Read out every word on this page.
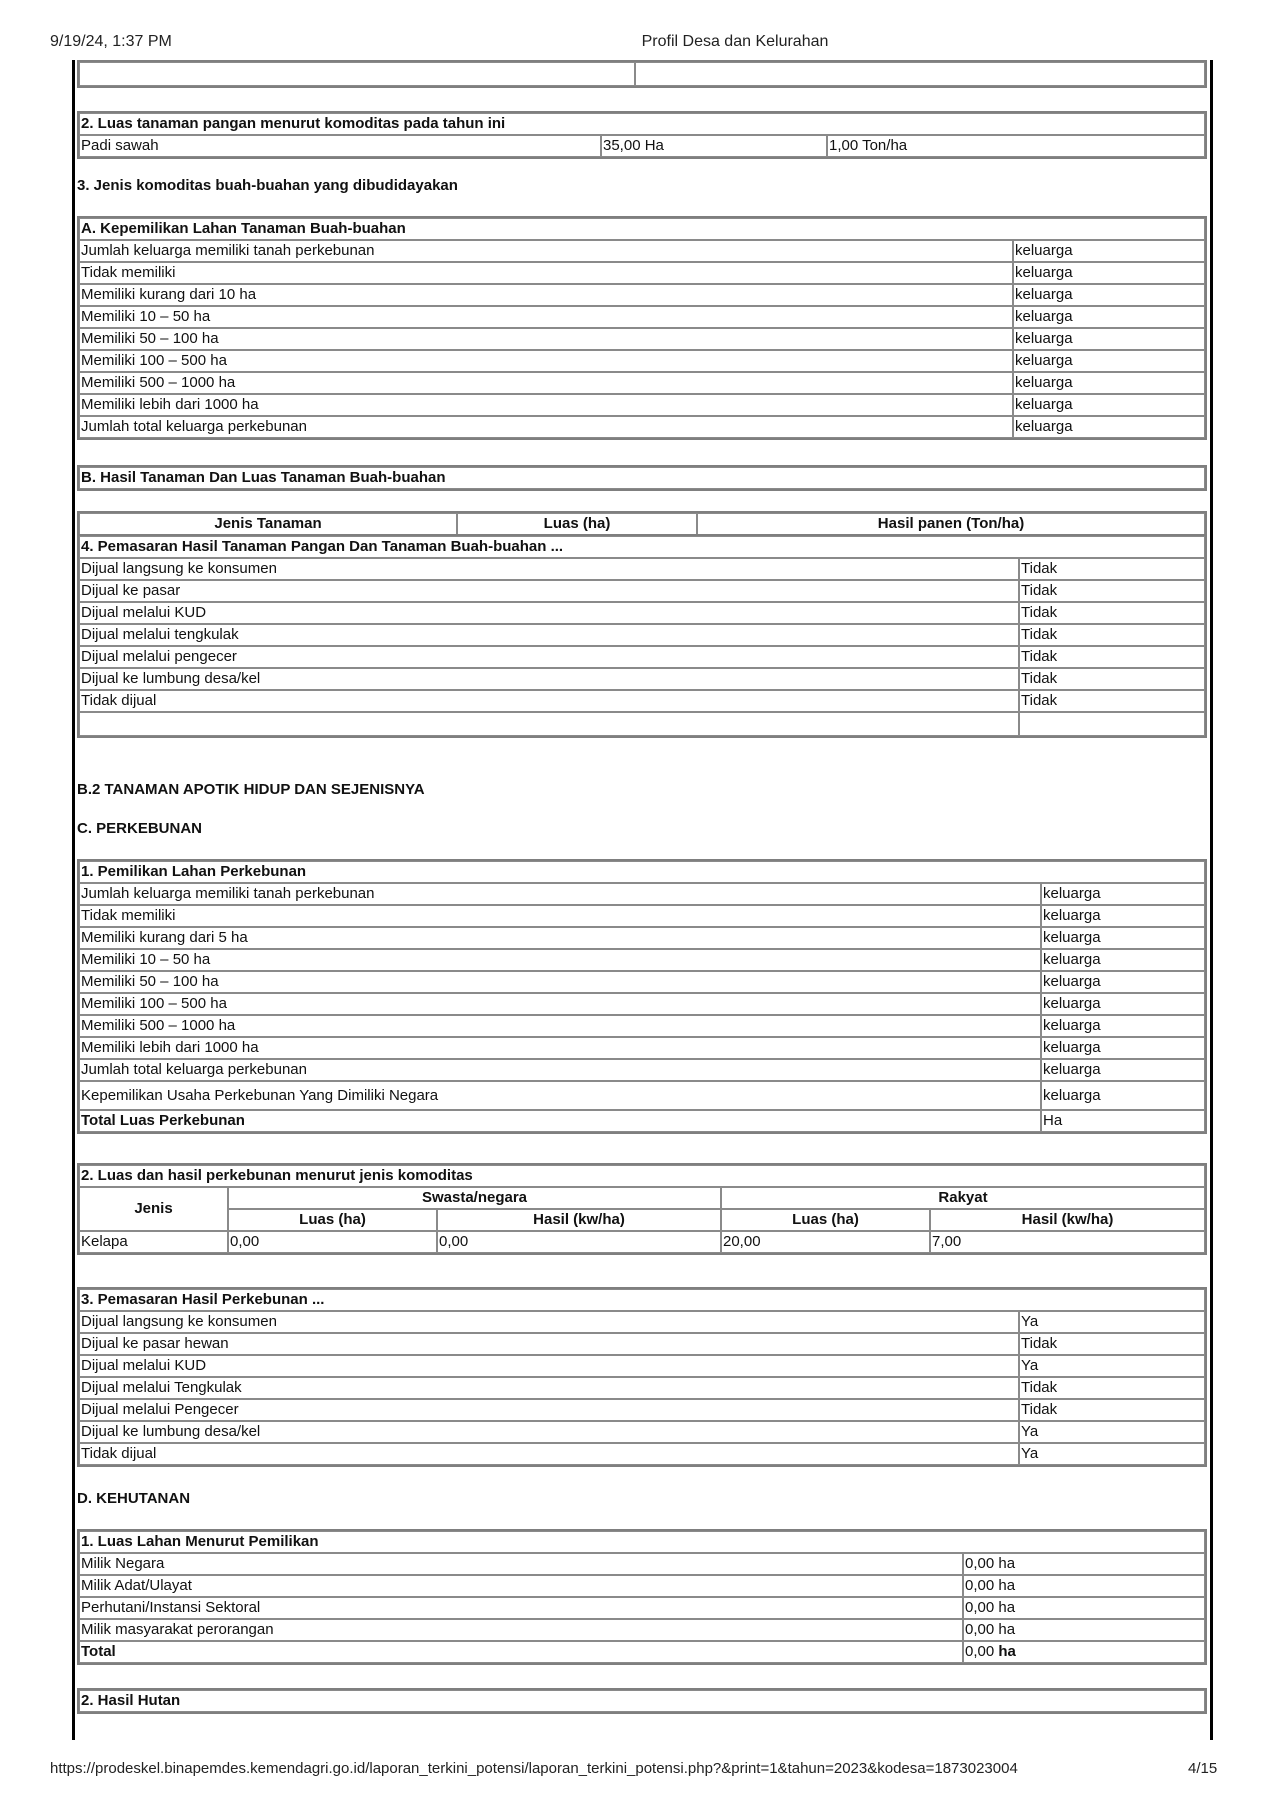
9/19/24, 1:37 PM	Profil Desa dan Kelurahan

2. Luas tanaman pangan menurut komoditas pada tahun ini
Padi sawah	35,00 Ha	1,00 Ton/ha
3. Jenis komoditas buah-buahan yang dibudidayakan
A. Kepemilikan Lahan Tanaman Buah-buahan	
Jumlah keluarga memiliki tanah perkebunan	keluarga
Tidak memiliki	keluarga
Memiliki kurang dari 10 ha	keluarga
Memiliki 10 – 50 ha	keluarga
Memiliki 50 – 100 ha	keluarga
Memiliki 100 – 500 ha	keluarga
Memiliki 500 – 1000 ha	keluarga
Memiliki lebih dari 1000 ha	keluarga
Jumlah total keluarga perkebunan	keluarga
B. Hasil Tanaman Dan Luas Tanaman Buah-buahan
Jenis Tanaman	Luas (ha)	Hasil panen (Ton/ha)
4. Pemasaran Hasil Tanaman Pangan Dan Tanaman Buah-buahan ...	
Dijual langsung ke konsumen	Tidak
Dijual ke pasar	Tidak
Dijual melalui KUD	Tidak
Dijual melalui tengkulak	Tidak
Dijual melalui pengecer	Tidak
Dijual ke lumbung desa/kel	Tidak
Tidak dijual	Tidak

B.2 TANAMAN APOTIK HIDUP DAN SEJENISNYA
C. PERKEBUNAN
1. Pemilikan Lahan Perkebunan	
Jumlah keluarga memiliki tanah perkebunan	keluarga
Tidak memiliki	keluarga
Memiliki kurang dari 5 ha	keluarga
Memiliki 10 – 50 ha	keluarga
Memiliki 50 – 100 ha	keluarga
Memiliki 100 – 500 ha	keluarga
Memiliki 500 – 1000 ha	keluarga
Memiliki lebih dari 1000 ha	keluarga
Jumlah total keluarga perkebunan	keluarga
Kepemilikan Usaha Perkebunan Yang Dimiliki Negara	keluarga
Total Luas Perkebunan	Ha
2. Luas dan hasil perkebunan menurut jenis komoditas				
Jenis	Swasta/negara		Rakyat	
	Luas (ha)	Hasil (kw/ha)	Luas (ha)	Hasil (kw/ha)
Kelapa	0,00	0,00	20,00	7,00
3. Pemasaran Hasil Perkebunan ...	
Dijual langsung ke konsumen	Ya
Dijual ke pasar hewan	Tidak
Dijual melalui KUD	Ya
Dijual melalui Tengkulak	Tidak
Dijual melalui Pengecer	Tidak
Dijual ke lumbung desa/kel	Ya
Tidak dijual	Ya
D. KEHUTANAN
1. Luas Lahan Menurut Pemilikan	
Milik Negara	0,00 ha
Milik Adat/Ulayat	0,00 ha
Perhutani/Instansi Sektoral	0,00 ha
Milik masyarakat perorangan	0,00 ha
Total	0,00 ha
2. Hasil Hutan
https://prodeskel.binapemdes.kemendagri.go.id/laporan_terkini_potensi/laporan_terkini_potensi.php?&print=1&tahun=2023&kodesa=1873023004	4/15
